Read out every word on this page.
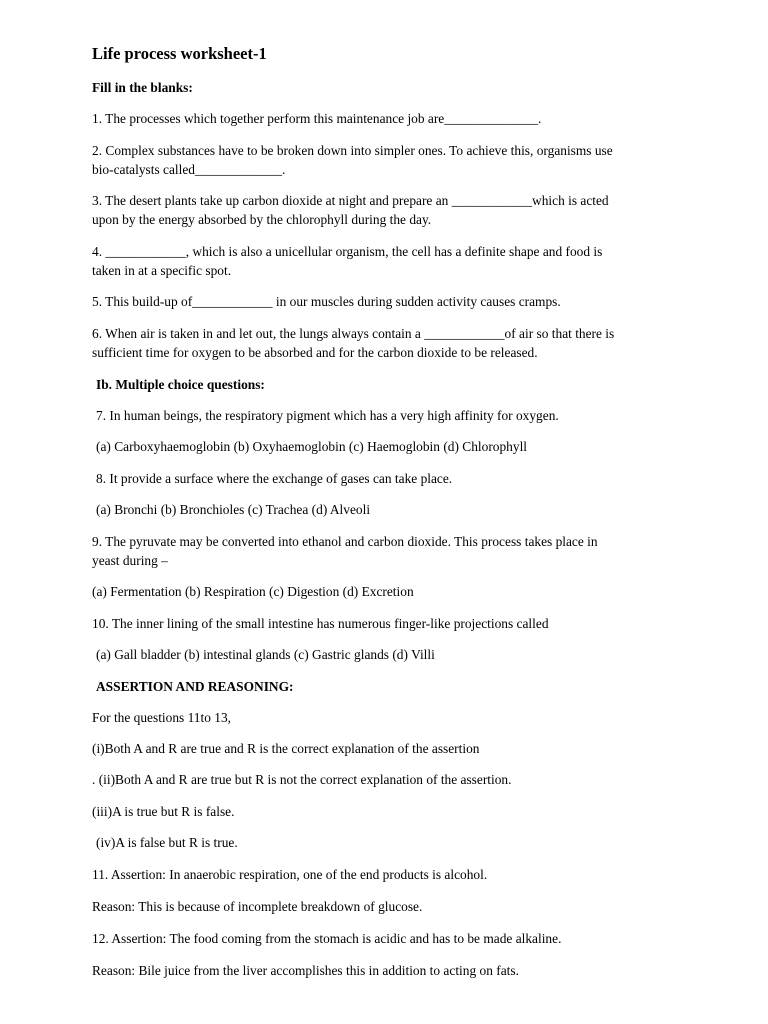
Life process worksheet-1
Fill in the blanks:
1. The processes which together perform this maintenance job are______________.
2. Complex substances have to be broken down into simpler ones. To achieve this, organisms use
bio-catalysts called_____________.
3. The desert plants take up carbon dioxide at night and prepare an ____________which is acted
upon by the energy absorbed by the chlorophyll during the day.
4. ____________, which is also a unicellular organism, the cell has a definite shape and food is
taken in at a specific spot.
5. This build-up of____________ in our muscles during sudden activity causes cramps.
6. When air is taken in and let out, the lungs always contain a ____________of air so that there is
sufficient time for oxygen to be absorbed and for the carbon dioxide to be released.
Ib. Multiple choice questions:
7. In human beings, the respiratory pigment which has a very high affinity for oxygen.
(a) Carboxyhaemoglobin (b) Oxyhaemoglobin (c) Haemoglobin (d) Chlorophyll
8. It provide a surface where the exchange of gases can take place.
(a) Bronchi (b) Bronchioles (c) Trachea (d) Alveoli
9. The pyruvate may be converted into ethanol and carbon dioxide. This process takes place in
yeast during –
(a) Fermentation (b) Respiration (c) Digestion (d) Excretion
10. The inner lining of the small intestine has numerous finger-like projections called
(a) Gall bladder (b) intestinal glands (c) Gastric glands (d) Villi
ASSERTION AND REASONING:
For the questions 11to 13,
(i)Both A and R are true and R is the correct explanation of the assertion
. (ii)Both A and R are true but R is not the correct explanation of the assertion.
(iii)A is true but R is false.
(iv)A is false but R is true.
11. Assertion: In anaerobic respiration, one of the end products is alcohol.
Reason: This is because of incomplete breakdown of glucose.
12. Assertion: The food coming from the stomach is acidic and has to be made alkaline.
Reason: Bile juice from the liver accomplishes this in addition to acting on fats.
